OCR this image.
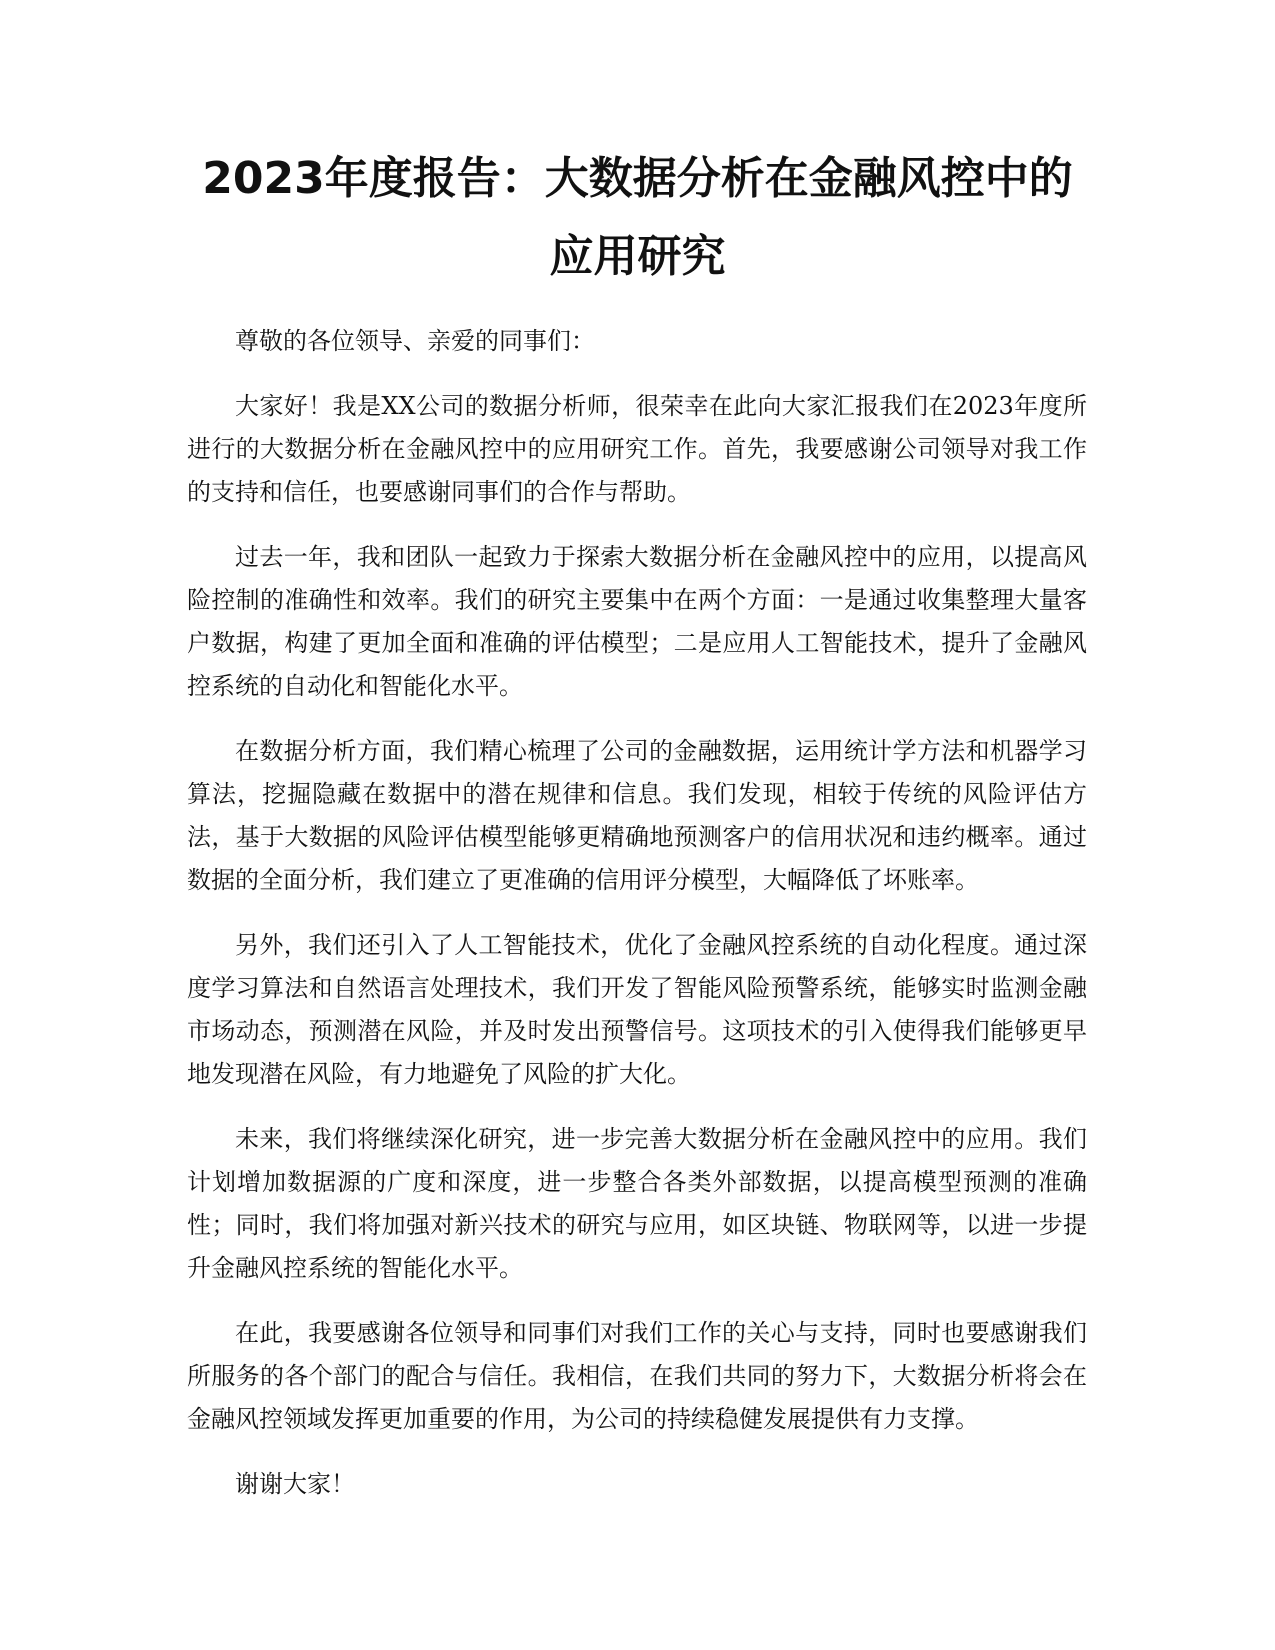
2023年度报告：大数据分析在金融风控中的
应用研究

尊敬的各位领导、亲爱的同事们：

大家好！我是XX公司的数据分析师，很荣幸在此向大家汇报我们在2023年度所进行的大数据分析在金融风控中的应用研究工作。首先，我要感谢公司领导对我工作的支持和信任，也要感谢同事们的合作与帮助。

过去一年，我和团队一起致力于探索大数据分析在金融风控中的应用，以提高风险控制的准确性和效率。我们的研究主要集中在两个方面：一是通过收集整理大量客户数据，构建了更加全面和准确的评估模型；二是应用人工智能技术，提升了金融风控系统的自动化和智能化水平。

在数据分析方面，我们精心梳理了公司的金融数据，运用统计学方法和机器学习算法，挖掘隐藏在数据中的潜在规律和信息。我们发现，相较于传统的风险评估方法，基于大数据的风险评估模型能够更精确地预测客户的信用状况和违约概率。通过数据的全面分析，我们建立了更准确的信用评分模型，大幅降低了坏账率。

另外，我们还引入了人工智能技术，优化了金融风控系统的自动化程度。通过深度学习算法和自然语言处理技术，我们开发了智能风险预警系统，能够实时监测金融市场动态，预测潜在风险，并及时发出预警信号。这项技术的引入使得我们能够更早地发现潜在风险，有力地避免了风险的扩大化。

未来，我们将继续深化研究，进一步完善大数据分析在金融风控中的应用。我们计划增加数据源的广度和深度，进一步整合各类外部数据，以提高模型预测的准确性；同时，我们将加强对新兴技术的研究与应用，如区块链、物联网等，以进一步提升金融风控系统的智能化水平。

在此，我要感谢各位领导和同事们对我们工作的关心与支持，同时也要感谢我们所服务的各个部门的配合与信任。我相信，在我们共同的努力下，大数据分析将会在金融风控领域发挥更加重要的作用，为公司的持续稳健发展提供有力支撑。

谢谢大家！
